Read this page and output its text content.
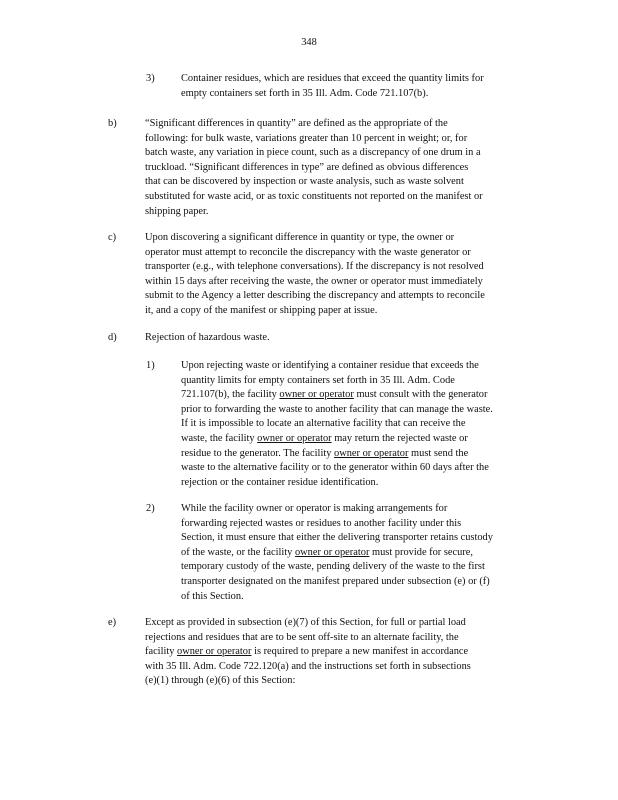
348
3)	Container residues, which are residues that exceed the quantity limits for
empty containers set forth in 35 Ill. Adm. Code 721.107(b).
b)	“Significant differences in quantity” are defined as the appropriate of the
following: for bulk waste, variations greater than 10 percent in weight; or, for
batch waste, any variation in piece count, such as a discrepancy of one drum in a
truckload. “Significant differences in type” are defined as obvious differences
that can be discovered by inspection or waste analysis, such as waste solvent
substituted for waste acid, or as toxic constituents not reported on the manifest or
shipping paper.
c)	Upon discovering a significant difference in quantity or type, the owner or
operator must attempt to reconcile the discrepancy with the waste generator or
transporter (e.g., with telephone conversations). If the discrepancy is not resolved
within 15 days after receiving the waste, the owner or operator must immediately
submit to the Agency a letter describing the discrepancy and attempts to reconcile
it, and a copy of the manifest or shipping paper at issue.
d)	Rejection of hazardous waste.
1)	Upon rejecting waste or identifying a container residue that exceeds the
quantity limits for empty containers set forth in 35 Ill. Adm. Code
721.107(b), the facility owner or operator must consult with the generator
prior to forwarding the waste to another facility that can manage the waste.
If it is impossible to locate an alternative facility that can receive the
waste, the facility owner or operator may return the rejected waste or
residue to the generator. The facility owner or operator must send the
waste to the alternative facility or to the generator within 60 days after the
rejection or the container residue identification.
2)	While the facility owner or operator is making arrangements for
forwarding rejected wastes or residues to another facility under this
Section, it must ensure that either the delivering transporter retains custody
of the waste, or the facility owner or operator must provide for secure,
temporary custody of the waste, pending delivery of the waste to the first
transporter designated on the manifest prepared under subsection (e) or (f)
of this Section.
e)	Except as provided in subsection (e)(7) of this Section, for full or partial load
rejections and residues that are to be sent off-site to an alternate facility, the
facility owner or operator is required to prepare a new manifest in accordance
with 35 Ill. Adm. Code 722.120(a) and the instructions set forth in subsections
(e)(1) through (e)(6) of this Section:
